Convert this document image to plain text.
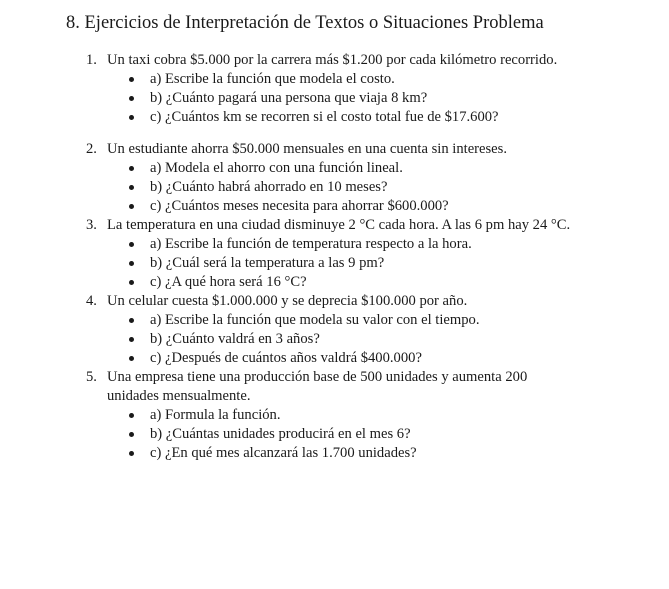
8. Ejercicios de Interpretación de Textos o Situaciones Problema
1. Un taxi cobra $5.000 por la carrera más $1.200 por cada kilómetro recorrido.
a) Escribe la función que modela el costo.
b) ¿Cuánto pagará una persona que viaja 8 km?
c) ¿Cuántos km se recorren si el costo total fue de $17.600?
2. Un estudiante ahorra $50.000 mensuales en una cuenta sin intereses.
a) Modela el ahorro con una función lineal.
b) ¿Cuánto habrá ahorrado en 10 meses?
c) ¿Cuántos meses necesita para ahorrar $600.000?
3. La temperatura en una ciudad disminuye 2 °C cada hora. A las 6 pm hay 24 °C.
a) Escribe la función de temperatura respecto a la hora.
b) ¿Cuál será la temperatura a las 9 pm?
c) ¿A qué hora será 16 °C?
4. Un celular cuesta $1.000.000 y se deprecia $100.000 por año.
a) Escribe la función que modela su valor con el tiempo.
b) ¿Cuánto valdrá en 3 años?
c) ¿Después de cuántos años valdrá $400.000?
5. Una empresa tiene una producción base de 500 unidades y aumenta 200 unidades mensualmente.
a) Formula la función.
b) ¿Cuántas unidades producirá en el mes 6?
c) ¿En qué mes alcanzará las 1.700 unidades?
